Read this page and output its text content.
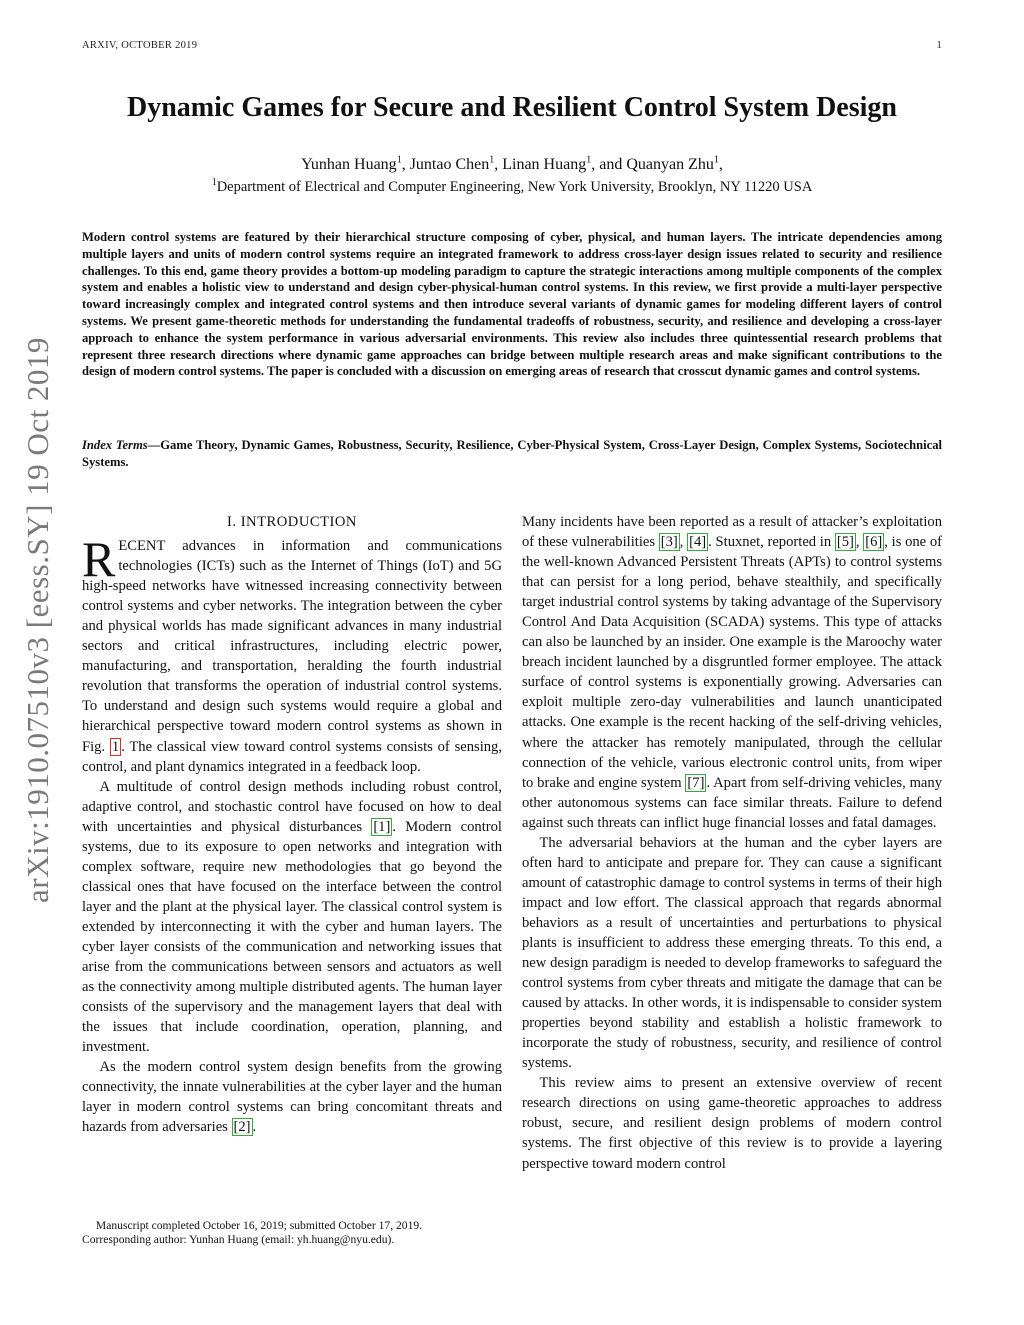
ARXIV, OCTOBER 2019	1
arXiv:1910.07510v3 [eess.SY] 19 Oct 2019
Dynamic Games for Secure and Resilient Control System Design
Yunhan Huang$^1$, Juntao Chen$^1$, Linan Huang$^1$, and Quanyan Zhu$^1$,
$^1$Department of Electrical and Computer Engineering, New York University, Brooklyn, NY 11220 USA

Modern control systems are featured by their hierarchical structure composing of cyber, physical, and human layers. The intricate dependencies among multiple layers and units of modern control systems require an integrated framework to address cross-layer design issues related to security and resilience challenges. To this end, game theory provides a bottom-up modeling paradigm to capture the strategic interactions among multiple components of the complex system and enables a holistic view to understand and design cyber-physical-human control systems. In this review, we first provide a multi-layer perspective toward increasingly complex and integrated control systems and then introduce several variants of dynamic games for modeling different layers of control systems. We present game-theoretic methods for understanding the fundamental tradeoffs of robustness, security, and resilience and developing a cross-layer approach to enhance the system performance in various adversarial environments. This review also includes three quintessential research problems that represent three research directions where dynamic game approaches can bridge between multiple research areas and make significant contributions to the design of modern control systems. The paper is concluded with a discussion on emerging areas of research that crosscut dynamic games and control systems.

Index Terms—Game Theory, Dynamic Games, Robustness, Security, Resilience, Cyber-Physical System, Cross-Layer Design, Complex Systems, Sociotechnical Systems.

I. INTRODUCTION

RECENT advances in information and communications technologies (ICTs) such as the Internet of Things (IoT) and 5G high-speed networks have witnessed increasing connectivity between control systems and cyber networks. The integration between the cyber and physical worlds has made significant advances in many industrial sectors and critical infrastructures, including electric power, manufacturing, and transportation, heralding the fourth industrial revolution that transforms the operation of industrial control systems. To understand and design such systems would require a global and hierarchical perspective toward modern control systems as shown in Fig. 1 . The classical view toward control systems consists of sensing, control, and plant dynamics integrated in a feedback loop.

A multitude of control design methods including robust control, adaptive control, and stochastic control have focused on how to deal with uncertainties and physical disturbances [1] . Modern control systems, due to its exposure to open networks and integration with complex software, require new methodologies that go beyond the classical ones that have focused on the interface between the control layer and the plant at the physical layer. The classical control system is extended by interconnecting it with the cyber and human layers. The cyber layer consists of the communication and networking issues that arise from the communications between sensors and actuators as well as the connectivity among multiple distributed agents. The human layer consists of the supervisory and the management layers that deal with the issues that include coordination, operation, planning, and investment.

As the modern control system design benefits from the growing connectivity, the innate vulnerabilities at the cyber layer and the human layer in modern control systems can bring concomitant threats and hazards from adversaries [2] .

Manuscript completed October 16, 2019; submitted October 17, 2019.

Corresponding author: Yunhan Huang (email: yh.huang@nyu.edu).

Many incidents have been reported as a result of attacker’s exploitation of these vulnerabilities [3] , [4] . Stuxnet, reported in [5] , [6] , is one of the well-known Advanced Persistent Threats (APTs) to control systems that can persist for a long period, behave stealthily, and specifically target industrial control systems by taking advantage of the Supervisory Control And Data Acquisition (SCADA) systems. This type of attacks can also be launched by an insider. One example is the Maroochy water breach incident launched by a disgruntled former employee. The attack surface of control systems is exponentially growing. Adversaries can exploit multiple zero-day vulnerabilities and launch unanticipated attacks. One example is the recent hacking of the self-driving vehicles, where the attacker has remotely manipulated, through the cellular connection of the vehicle, various electronic control units, from wiper to brake and engine system [7] . Apart from self-driving vehicles, many other autonomous systems can face similar threats. Failure to defend against such threats can inflict huge financial losses and fatal damages.

The adversarial behaviors at the human and the cyber layers are often hard to anticipate and prepare for. They can cause a significant amount of catastrophic damage to control systems in terms of their high impact and low effort. The classical approach that regards abnormal behaviors as a result of uncertainties and perturbations to physical plants is insufficient to address these emerging threats. To this end, a new design paradigm is needed to develop frameworks to safeguard the control systems from cyber threats and mitigate the damage that can be caused by attacks. In other words, it is indispensable to consider system properties beyond stability and establish a holistic framework to incorporate the study of robustness, security, and resilience of control systems.

This review aims to present an extensive overview of recent research directions on using game-theoretic approaches to address robust, secure, and resilient design problems of modern control systems. The first objective of this review is to provide a layering perspective toward modern control
